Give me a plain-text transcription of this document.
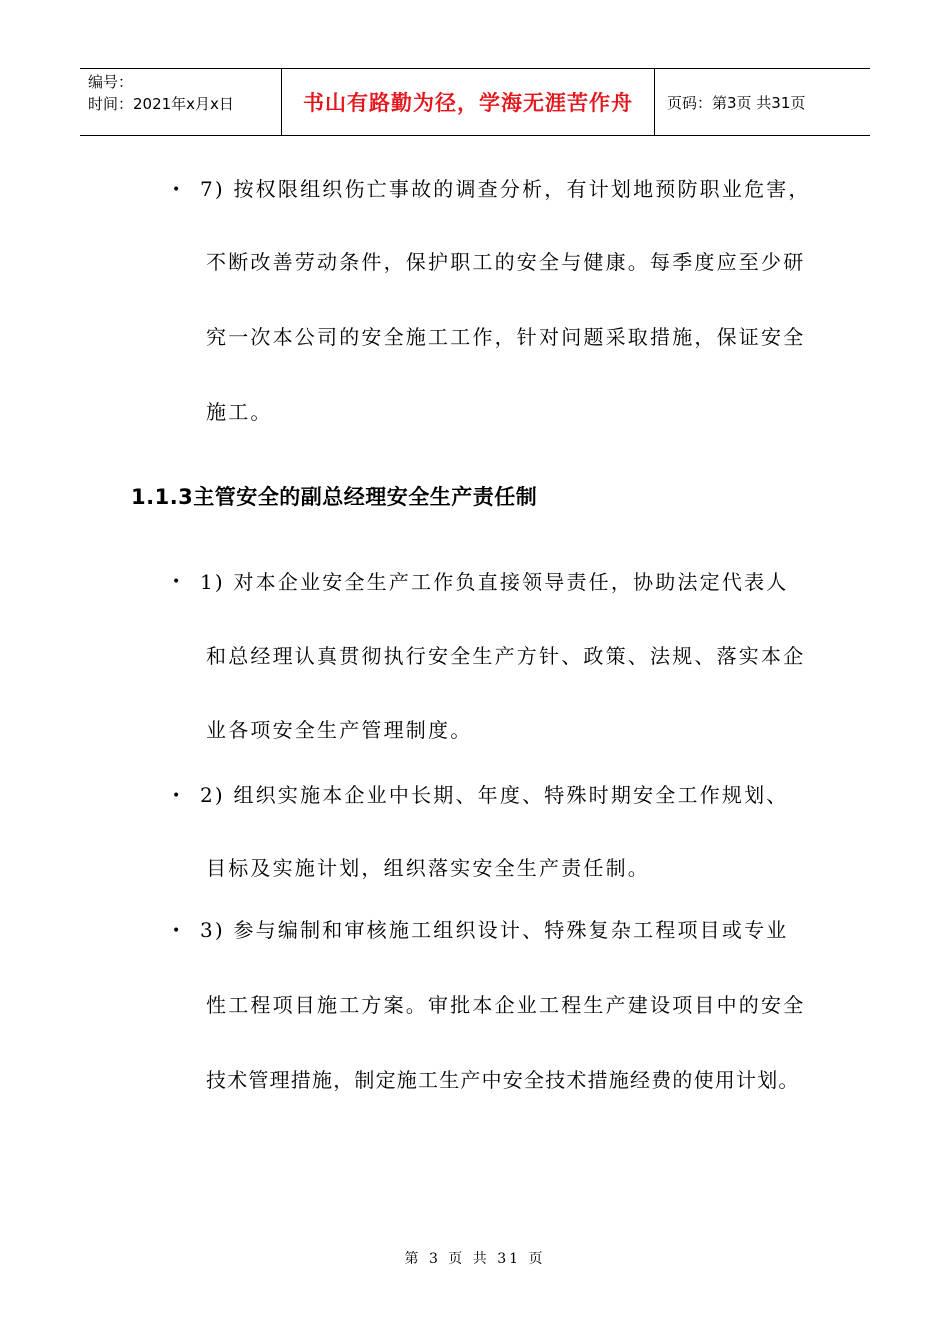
编号：
时间：2021年x月x日	书山有路勤为径，学海无涯苦作舟 页码：第3页 共31页
• 7) 按权限组织伤亡事故的调查分析，有计划地预防职业危害，
不断改善劳动条件，保护职工的安全与健康。每季度应至少研
究一次本公司的安全施工工作，针对问题采取措施，保证安全
施工。
1.1.3主管安全的副总经理安全生产责任制
• 1) 对本企业安全生产工作负直接领导责任，协助法定代表人
和总经理认真贯彻执行安全生产方针、政策、法规、落实本企
业各项安全生产管理制度。
• 2) 组织实施本企业中长期、年度、特殊时期安全工作规划、
目标及实施计划，组织落实安全生产责任制。
• 3) 参与编制和审核施工组织设计、特殊复杂工程项目或专业
性工程项目施工方案。审批本企业工程生产建设项目中的安全
技术管理措施，制定施工生产中安全技术措施经费的使用计划。
第 3 页 共 31 页
